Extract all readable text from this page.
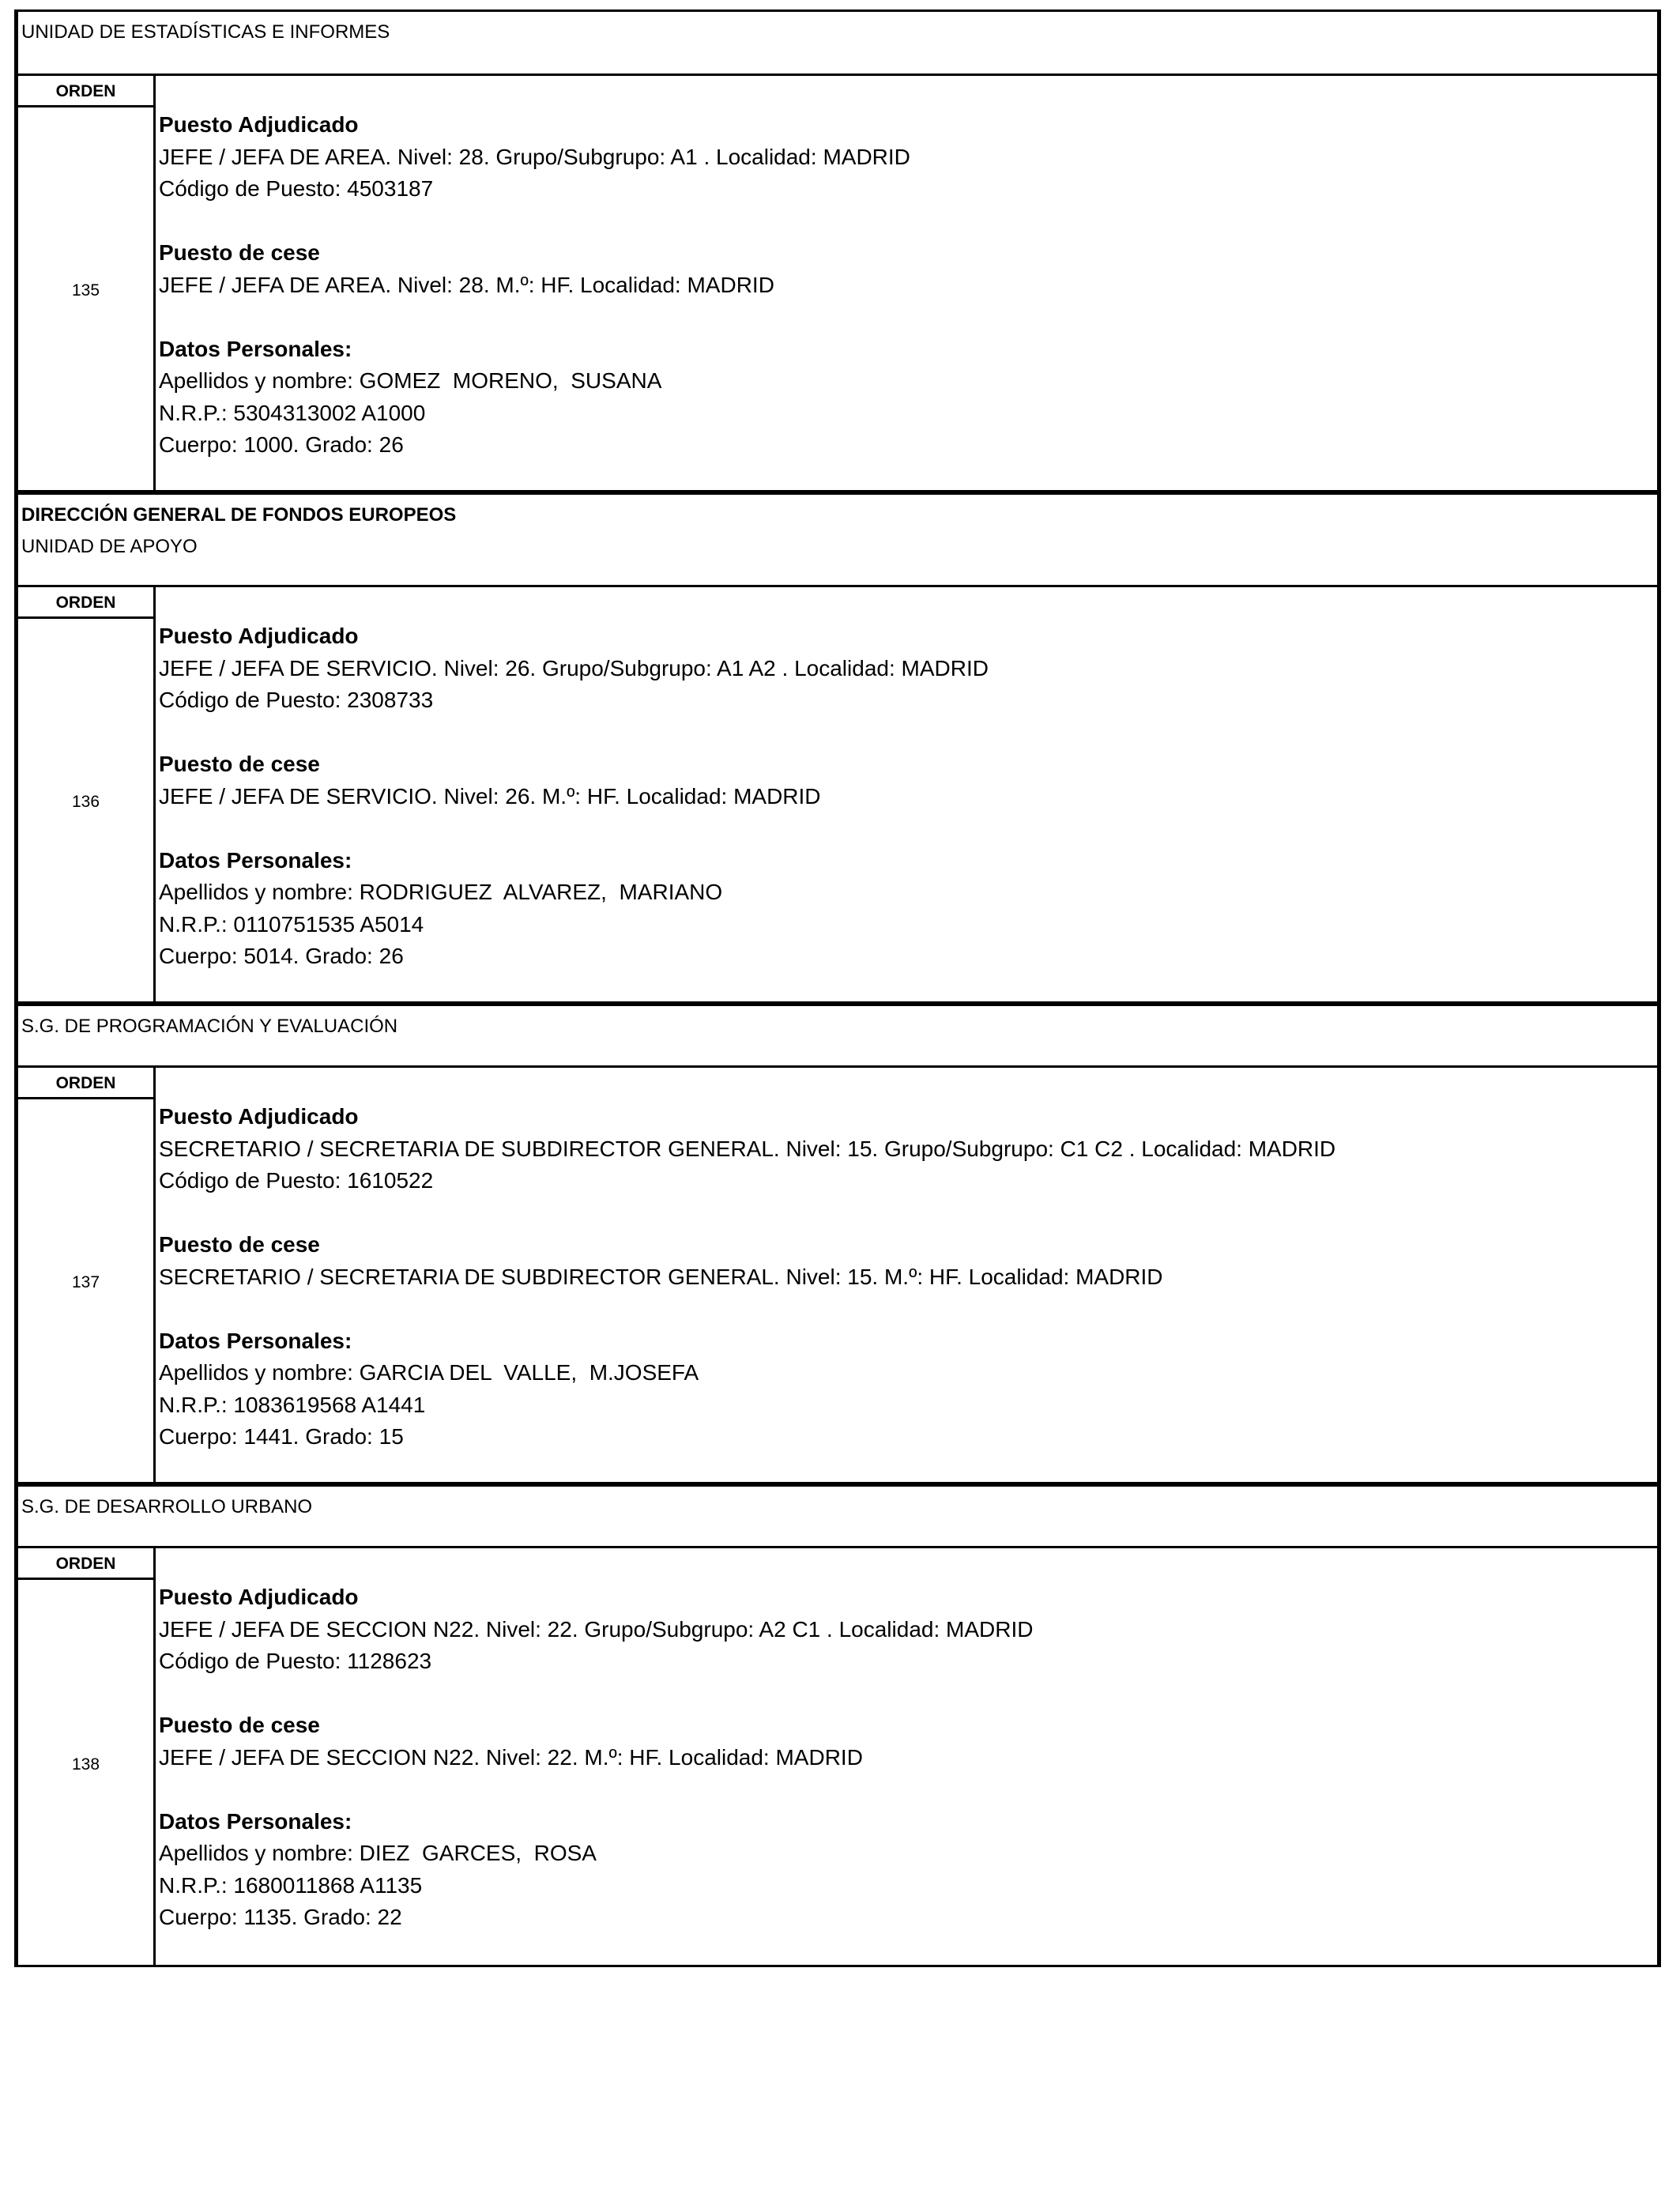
UNIDAD DE ESTADÍSTICAS E INFORMES
ORDEN
135
Puesto Adjudicado
JEFE / JEFA DE AREA. Nivel: 28. Grupo/Subgrupo: A1 . Localidad: MADRID
Código de Puesto: 4503187
Puesto de cese
JEFE / JEFA DE AREA. Nivel: 28. M.º: HF. Localidad: MADRID
Datos Personales:
Apellidos y nombre: GOMEZ  MORENO,  SUSANA
N.R.P.: 5304313002 A1000
Cuerpo: 1000. Grado: 26
DIRECCIÓN GENERAL DE FONDOS EUROPEOS
UNIDAD DE APOYO
ORDEN
136
Puesto Adjudicado
JEFE / JEFA DE SERVICIO. Nivel: 26. Grupo/Subgrupo: A1 A2 . Localidad: MADRID
Código de Puesto: 2308733
Puesto de cese
JEFE / JEFA DE SERVICIO. Nivel: 26. M.º: HF. Localidad: MADRID
Datos Personales:
Apellidos y nombre: RODRIGUEZ  ALVAREZ,  MARIANO
N.R.P.: 0110751535 A5014
Cuerpo: 5014. Grado: 26
S.G. DE PROGRAMACIÓN Y EVALUACIÓN
ORDEN
137
Puesto Adjudicado
SECRETARIO / SECRETARIA DE SUBDIRECTOR GENERAL. Nivel: 15. Grupo/Subgrupo: C1 C2 . Localidad: MADRID
Código de Puesto: 1610522
Puesto de cese
SECRETARIO / SECRETARIA DE SUBDIRECTOR GENERAL. Nivel: 15. M.º: HF. Localidad: MADRID
Datos Personales:
Apellidos y nombre: GARCIA DEL  VALLE,  M.JOSEFA
N.R.P.: 1083619568 A1441
Cuerpo: 1441. Grado: 15
S.G. DE DESARROLLO URBANO
ORDEN
138
Puesto Adjudicado
JEFE / JEFA DE SECCION N22. Nivel: 22. Grupo/Subgrupo: A2 C1 . Localidad: MADRID
Código de Puesto: 1128623
Puesto de cese
JEFE / JEFA DE SECCION N22. Nivel: 22. M.º: HF. Localidad: MADRID
Datos Personales:
Apellidos y nombre: DIEZ  GARCES,  ROSA
N.R.P.: 1680011868 A1135
Cuerpo: 1135. Grado: 22
